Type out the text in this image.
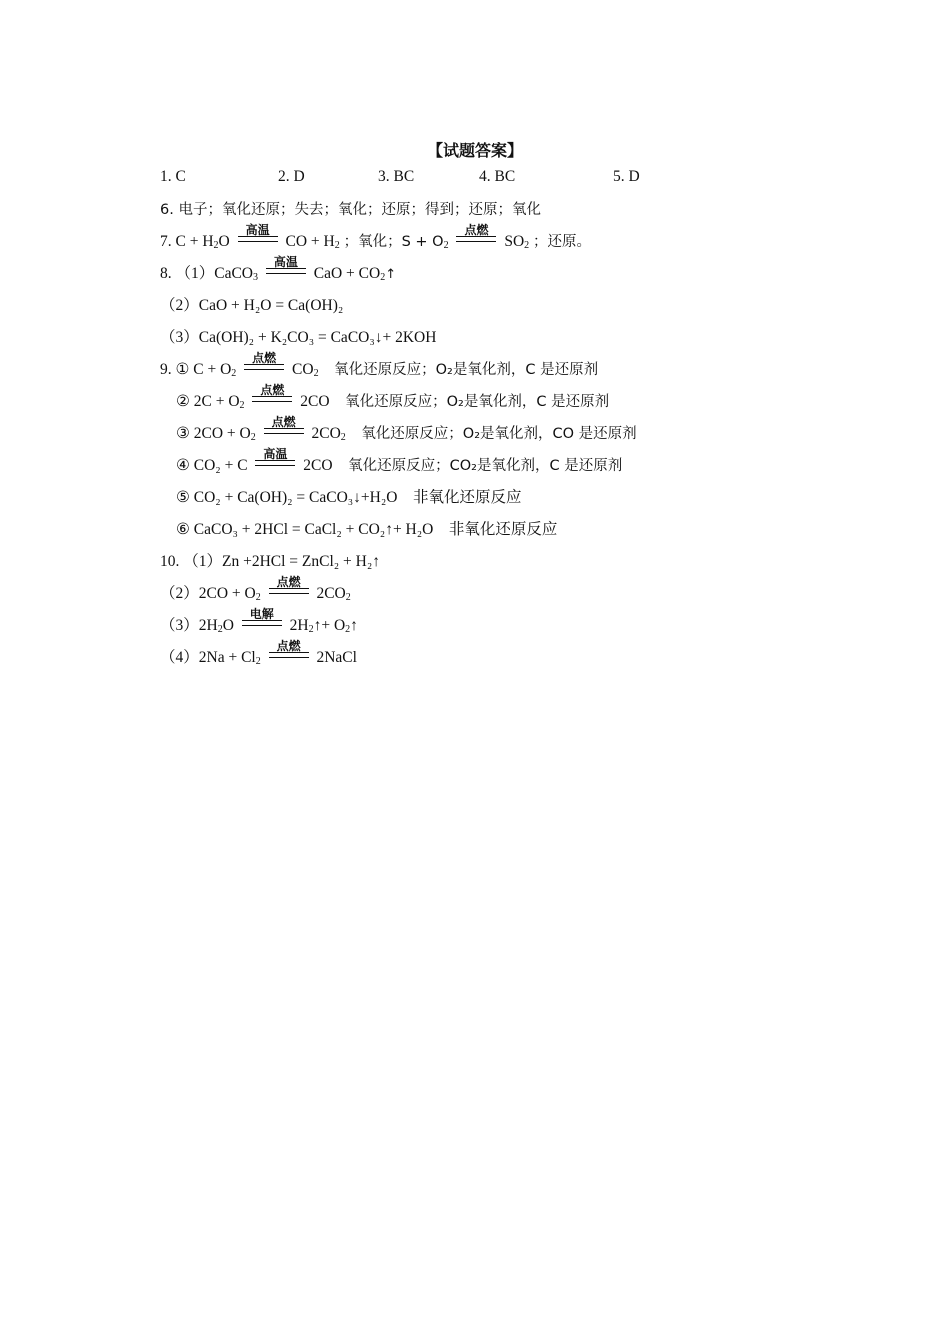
【试题答案】
1. C	2. D	3. BC	4. BC	5. D
6. 电子；氧化还原；失去；氧化；还原；得到；还原；氧化
7. $C + H_2O$
高温
CO + $H_2$ ；氧化；$S + O_2$
点燃
$SO_2$ ；还原。
8. （1）CaCO$_3$
高温
CaO + $CO_2↑$
（2）CaO + H₂O = Ca(OH)₂
（3）Ca(OH)₂ + K₂CO₃ = CaCO₃↓+ 2KOH
9. ① $C + O_2$
点燃
$CO_2$　 氧化还原反应；O₂是氧化剂，C 是还原剂
② $2C + O_2$
点燃
2CO　 氧化还原反应；O₂是氧化剂，C 是还原剂
③ $2CO + O_2$
点燃
$2CO_2$　 氧化还原反应；O₂是氧化剂，CO 是还原剂
④ CO₂ + C
高温
2CO　 氧化还原反应；CO₂是氧化剂，C 是还原剂
⑤ CO₂ + Ca(OH)₂ = CaCO₃↓+H₂O　非氧化还原反应
⑥ CaCO₃ + 2HCl = CaCl₂ + CO₂↑+ H₂O　非氧化还原反应
10. （1）Zn +2HCl = ZnCl₂ + H₂↑
$(2)2CO + O_2$
点燃
$2CO_2$
$(3)2H_2O$
电解
$2H_2↑+$ $O_2↑$
$(4)2Na + Cl_2$
点燃
2NaCl
